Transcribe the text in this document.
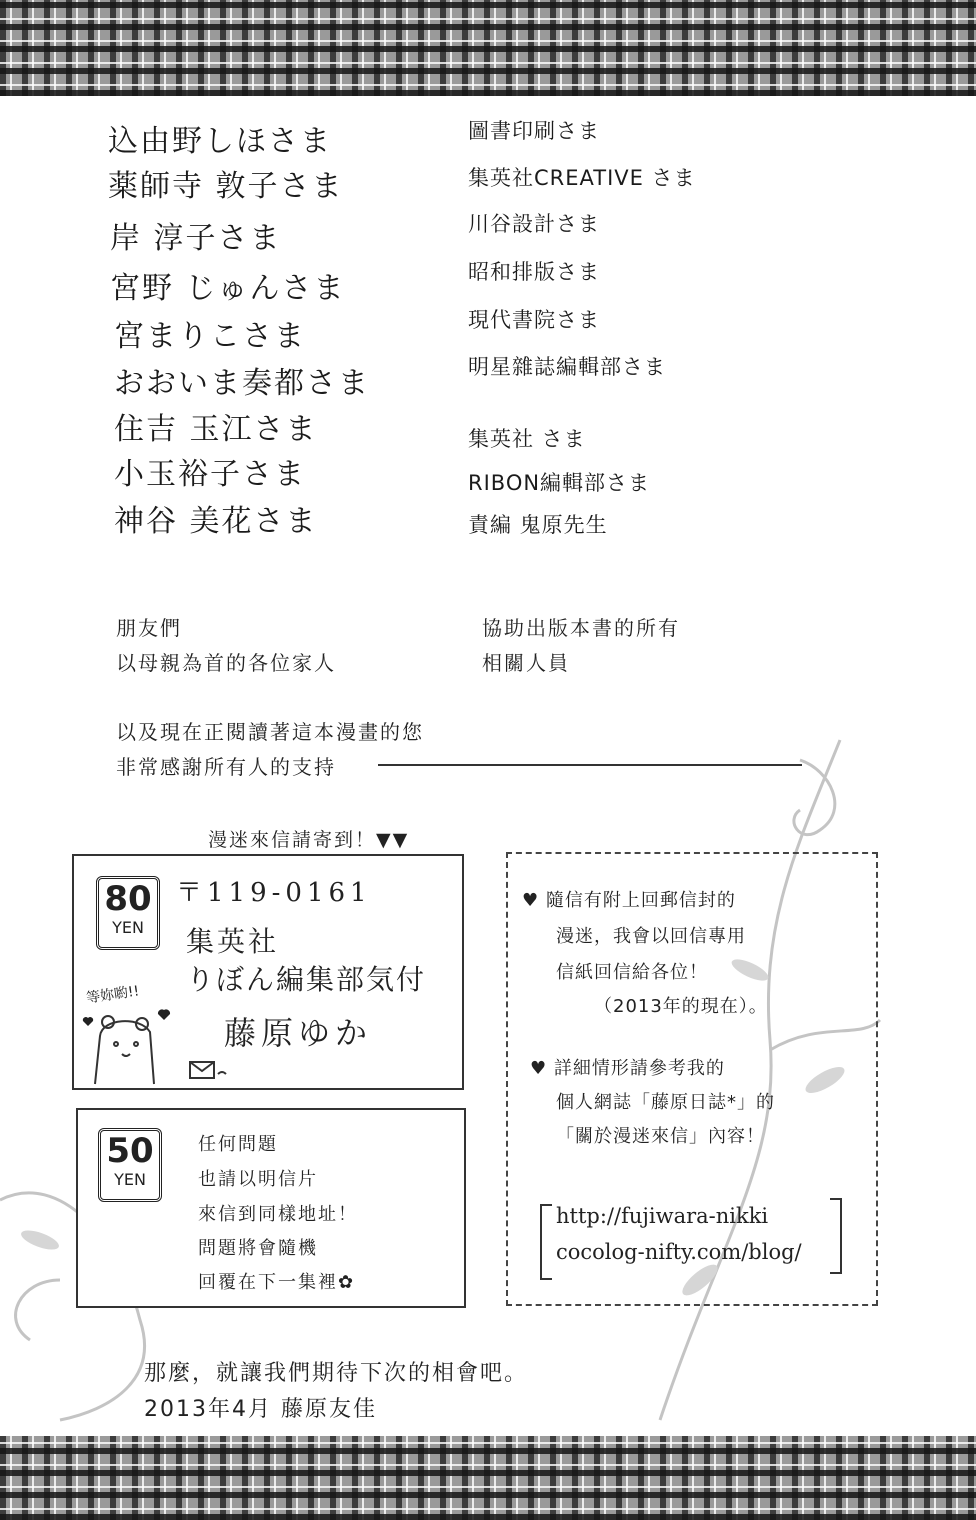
込由野しほさま
薬師寺 敦子さま
岸 淳子さま
宮野 じゅんさま
宮まりこさま
おおいま奏都さま
住吉 玉江さま
小玉裕子さま
神谷 美花さま
圖書印刷さま
集英社CREATIVE さま
川谷設計さま
昭和排版さま
現代書院さま
明星雜誌編輯部さま
集英社 さま
RIBON編輯部さま
責編 鬼原先生
朋友們
以母親為首的各位家人
協助出版本書的所有
相關人員
以及現在正閱讀著這本漫畫的您
非常感謝所有人的支持
漫迷來信請寄到！▼▼
80
YEN
〒119-0161
集英社
りぼん編集部気付
藤原ゆか
等妳喲!!
50
YEN
任何問題
也請以明信片
來信到同樣地址！
問題將會隨機
回覆在下一集裡✿
♥ 隨信有附上回郵信封的
漫迷，我會以回信專用
信紙回信給各位！
（2013年的現在）。
♥ 詳細情形請參考我的
個人網誌「藤原日誌*」的
「關於漫迷來信」內容！
http://fujiwara-nikki
cocolog-nifty.com/blog/
那麼，就讓我們期待下次的相會吧。
2013年4月 藤原友佳
